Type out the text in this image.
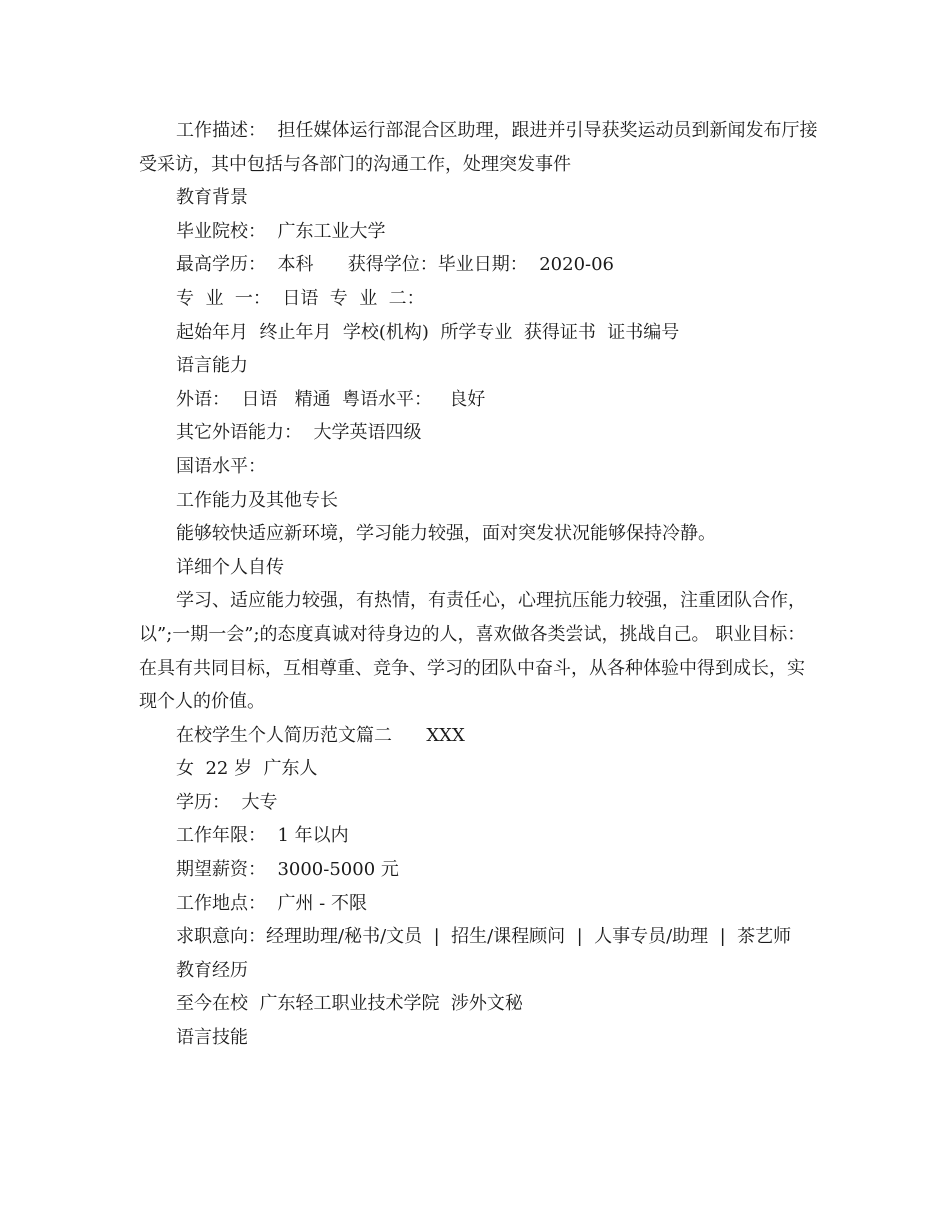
工作描述：  担任媒体运行部混合区助理，跟进并引导获奖运动员到新闻发布厅接受采访，其中包括与各部门的沟通工作，处理突发事件

教育背景

毕业院校：  广东工业大学

最高学历：  本科      获得学位：毕业日期：  2020-06

专  业  一：  日语  专  业  二：

起始年月  终止年月  学校(机构)  所学专业  获得证书  证书编号

语言能力

外语：  日语   精通  粤语水平：   良好

其它外语能力：  大学英语四级

国语水平：

工作能力及其他专长

能够较快适应新环境，学习能力较强，面对突发状况能够保持冷静。

详细个人自传

学习、适应能力较强，有热情，有责任心，心理抗压能力较强，注重团队合作，以”;一期一会”;的态度真诚对待身边的人，喜欢做各类尝试，挑战自己。 职业目标：在具有共同目标，互相尊重、竞争、学习的团队中奋斗，从各种体验中得到成长，实现个人的价值。

在校学生个人简历范文篇二      XXX

女  22 岁  广东人

学历：  大专

工作年限：  1 年以内

期望薪资：  3000-5000 元

工作地点：  广州 - 不限

求职意向：经理助理/秘书/文员  |  招生/课程顾问  |  人事专员/助理  |  茶艺师

教育经历

至今在校  广东轻工职业技术学院  涉外文秘

语言技能
